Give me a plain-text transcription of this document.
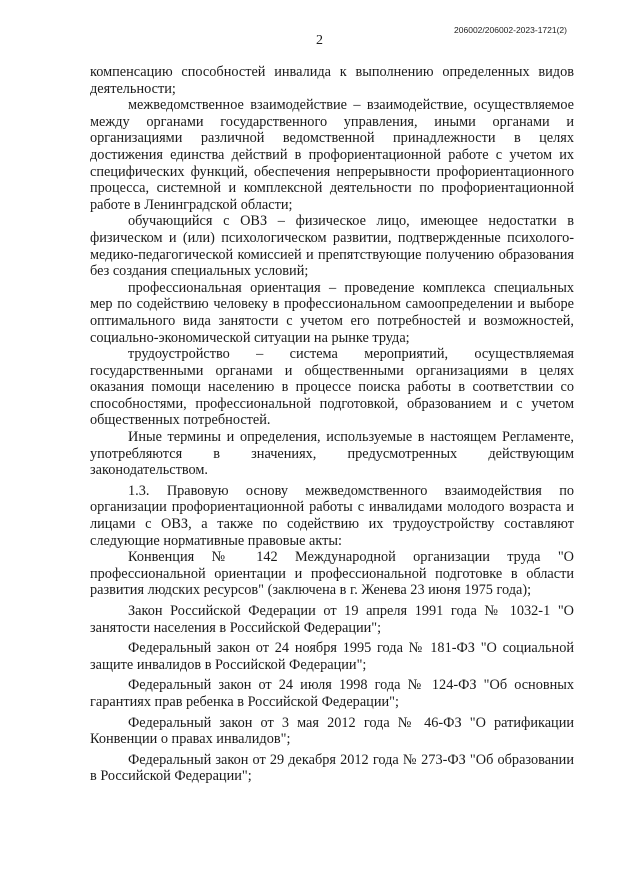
206002/206002-2023-1721(2)
2

компенсацию способностей инвалида к выполнению определенных видов деятельности;

межведомственное взаимодействие – взаимодействие, осуществляемое между органами государственного управления, иными органами и организациями различной ведомственной принадлежности в целях достижения единства действий в профориентационной работе с учетом их специфических функций, обеспечения непрерывности профориентационного процесса, системной и комплексной деятельности по профориентационной работе в Ленинградской области;

обучающийся с ОВЗ – физическое лицо, имеющее недостатки в физическом и (или) психологическом развитии, подтвержденные психолого-медико-педагогической комиссией и препятствующие получению образования без создания специальных условий;

профессиональная ориентация – проведение комплекса специальных мер по содействию человеку в профессиональном самоопределении и выборе оптимального вида занятости с учетом его потребностей и возможностей, социально-экономической ситуации на рынке труда;

трудоустройство – система мероприятий, осуществляемая государственными органами и общественными организациями в целях оказания помощи населению в процессе поиска работы в соответствии со способностями, профессиональной подготовкой, образованием и с учетом общественных потребностей.

Иные термины и определения, используемые в настоящем Регламенте, употребляются в значениях, предусмотренных действующим законодательством.

1.3. Правовую основу межведомственного взаимодействия по организации профориентационной работы с инвалидами молодого возраста и лицами с ОВЗ, а также по содействию их трудоустройству составляют следующие нормативные правовые акты:

Конвенция № 142 Международной организации труда "О профессиональной ориентации и профессиональной подготовке в области развития людских ресурсов" (заключена в г. Женева 23 июня 1975 года);

Закон Российской Федерации от 19 апреля 1991 года № 1032-1 "О занятости населения в Российской Федерации";

Федеральный закон от 24 ноября 1995 года № 181-ФЗ "О социальной защите инвалидов в Российской Федерации";

Федеральный закон от 24 июля 1998 года № 124-ФЗ "Об основных гарантиях прав ребенка в Российской Федерации";

Федеральный закон от 3 мая 2012 года № 46-ФЗ "О ратификации Конвенции о правах инвалидов";

Федеральный закон от 29 декабря 2012 года № 273-ФЗ "Об образовании в Российской Федерации";
